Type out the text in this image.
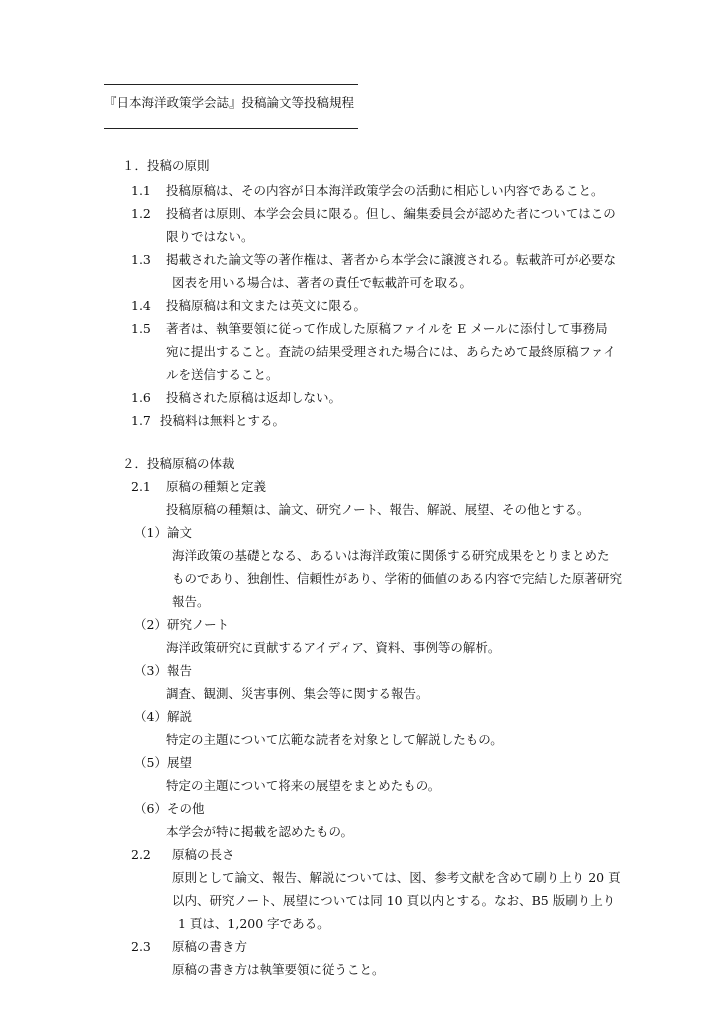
『日本海洋政策学会誌』投稿論文等投稿規程
１．投稿の原則
1.1 投稿原稿は、その内容が日本海洋政策学会の活動に相応しい内容であること。
1.2 投稿者は原則、本学会会員に限る。但し、編集委員会が認めた者についてはこの
限りではない。
1.3 掲載された論文等の著作権は、著者から本学会に譲渡される。転載許可が必要な
図表を用いる場合は、著者の責任で転載許可を取る。
1.4 投稿原稿は和文または英文に限る。
1.5 著者は、執筆要領に従って作成した原稿ファイルを E メールに添付して事務局
宛に提出すること。査読の結果受理された場合には、あらためて最終原稿ファイ
ルを送信すること。
1.6 投稿された原稿は返却しない。
1.7 投稿料は無料とする。
２．投稿原稿の体裁
2.1 原稿の種類と定義
投稿原稿の種類は、論文、研究ノート、報告、解説、展望、その他とする。
（1）論文
海洋政策の基礎となる、あるいは海洋政策に関係する研究成果をとりまとめた
ものであり、独創性、信頼性があり、学術的価値のある内容で完結した原著研究
報告。
（2）研究ノート
海洋政策研究に貢献するアイディア、資料、事例等の解析。
（3）報告
調査、観測、災害事例、集会等に関する報告。
（4）解説
特定の主題について広範な読者を対象として解説したもの。
（5）展望
特定の主題について将来の展望をまとめたもの。
（6）その他
本学会が特に掲載を認めたもの。
2.2 原稿の長さ
原則として論文、報告、解説については、図、参考文献を含めて刷り上り 20 頁
以内、研究ノート、展望については同 10 頁以内とする。なお、B5 版刷り上り
1 頁は、1,200 字である。
2.3 原稿の書き方
原稿の書き方は執筆要領に従うこと。
